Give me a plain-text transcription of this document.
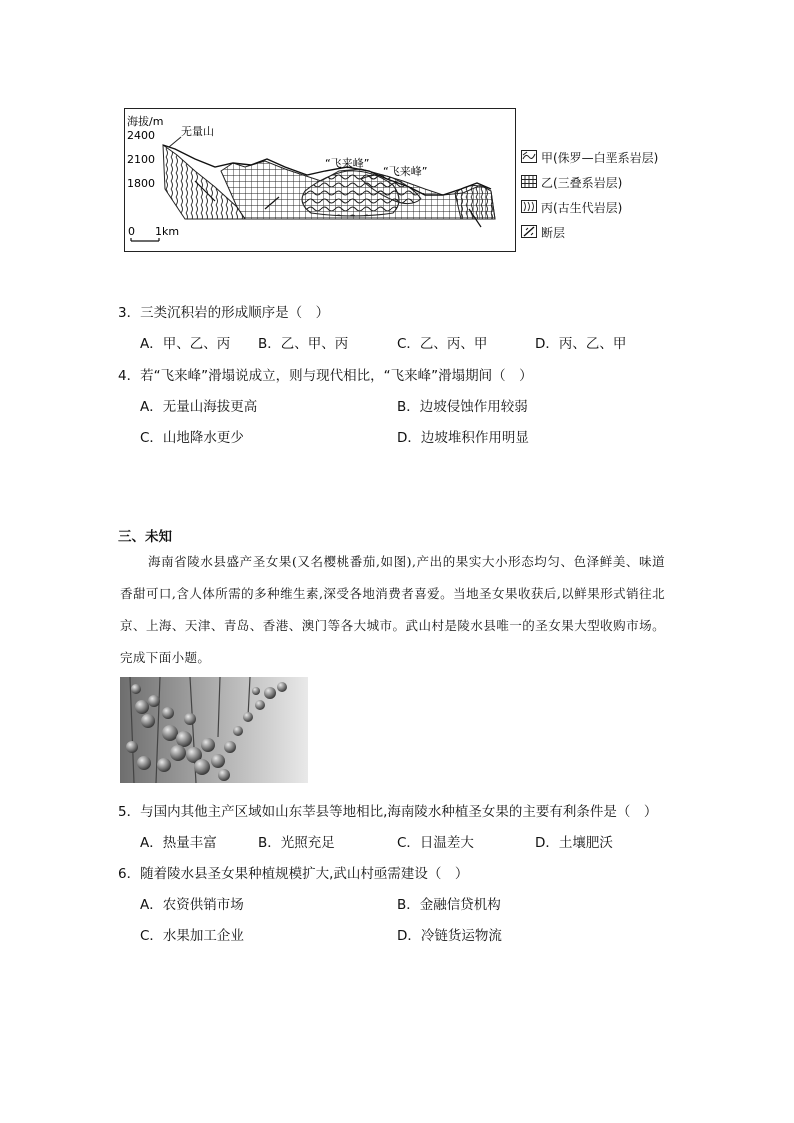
海拔/m
2400
2100
1800
无量山
“飞来峰”
“飞来峰”
0 1km
甲(侏罗—白垩系岩层)
乙(三叠系岩层)
丙(古生代岩层)
断层
3．三类沉积岩的形成顺序是（　）
A．甲、乙、丙 B．乙、甲、丙	C．乙、丙、甲	D．丙、乙、甲
4．若“飞来峰”滑塌说成立，则与现代相比，“飞来峰”滑塌期间（　）
A．无量山海拔更高	B．边坡侵蚀作用较弱
C．山地降水更少	D．边坡堆积作用明显
三、未知
海南省陵水县盛产圣女果(又名樱桃番茄,如图),产出的果实大小形态均匀、色泽鲜美、味道香甜可口,含人体所需的多种维生素,深受各地消费者喜爱。当地圣女果收获后,以鲜果形式销往北京、上海、天津、青岛、香港、澳门等各大城市。武山村是陵水县唯一的圣女果大型收购市场。完成下面小题。
5．与国内其他主产区域如山东莘县等地相比,海南陵水种植圣女果的主要有利条件是（　）
A．热量丰富	B．光照充足	C．日温差大	D．土壤肥沃
6．随着陵水县圣女果种植规模扩大,武山村亟需建设（　）
A．农资供销市场	B．金融信贷机构
C．水果加工企业	D．冷链货运物流
